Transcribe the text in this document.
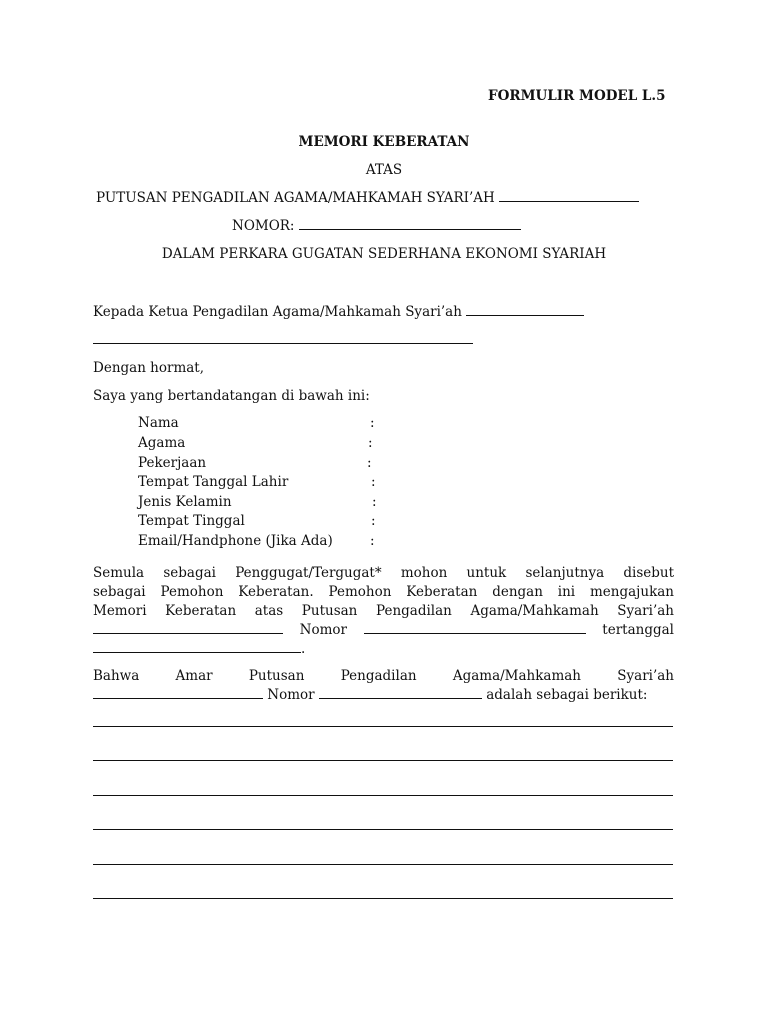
FORMULIR MODEL L.5
MEMORI KEBERATAN
ATAS
PUTUSAN PENGADILAN AGAMA/MAHKAMAH SYARI’AH
NOMOR:
DALAM PERKARA GUGATAN SEDERHANA EKONOMI SYARIAH
Kepada Ketua Pengadilan Agama/Mahkamah Syari’ah
Dengan hormat,
Saya yang bertandatangan di bawah ini:
Nama	:
Agama	:
Pekerjaan	:
Tempat Tanggal Lahir	:
Jenis Kelamin	:
Tempat Tinggal	:
Email/Handphone (Jika Ada)	:
Semula sebagai Penggugat/Tergugat* mohon untuk selanjutnya disebut
sebagai Pemohon Keberatan. Pemohon Keberatan dengan ini mengajukan
Memori Keberatan atas Putusan Pengadilan Agama/Mahkamah Syari’ah
Nomor	tertanggal
.
Bahwa Amar Putusan Pengadilan Agama/Mahkamah Syari’ah
Nomor	adalah sebagai berikut:
